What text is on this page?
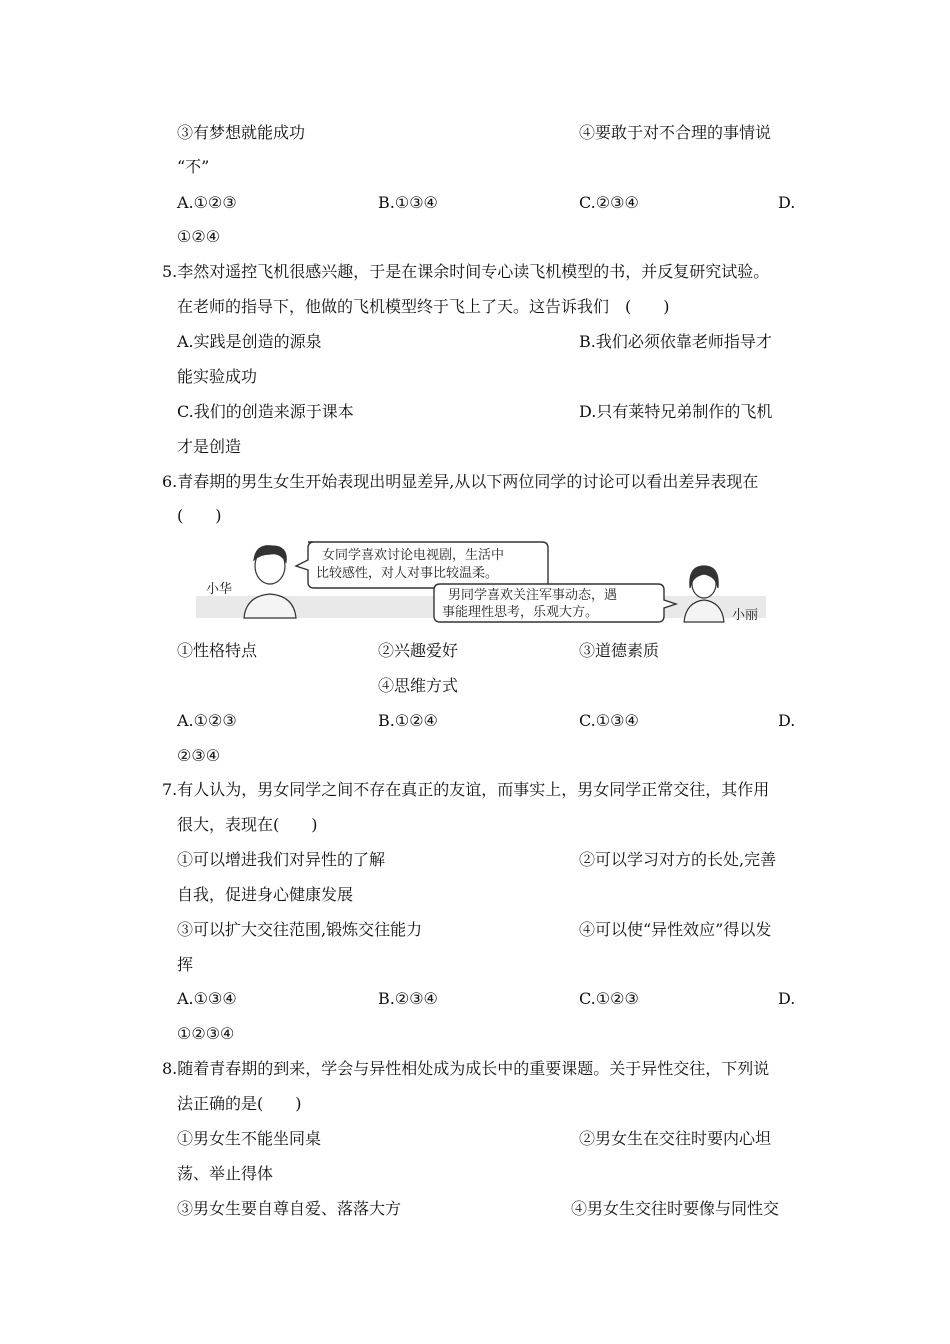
③有梦想就能成功	④要敢于对不合理的事情说
“不”
A.①②③	B.①③④	C.②③④	D.
①②④
5.李然对遥控飞机很感兴趣，于是在课余时间专心读飞机模型的书，并反复研究试验。
在老师的指导下，他做的飞机模型终于飞上了天。这告诉我们　(　　)
A.实践是创造的源泉	B.我们必须依靠老师指导才
能实验成功
C.我们的创造来源于课本	D.只有莱特兄弟制作的飞机
才是创造
6.青春期的男生女生开始表现出明显差异,从以下两位同学的讨论可以看出差异表现在
(　　)
女同学喜欢讨论电视剧，生活中
比较感性，对人对事比较温柔。
男同学喜欢关注军事动态，遇
事能理性思考，乐观大方。
小华
小丽
①性格特点	②兴趣爱好	③道德素质
④思维方式
A.①②③	B.①②④	C.①③④	D.
②③④
7.有人认为，男女同学之间不存在真正的友谊，而事实上，男女同学正常交往，其作用
很大，表现在(　　)
①可以增进我们对异性的了解	②可以学习对方的长处,完善
自我，促进身心健康发展
③可以扩大交往范围,锻炼交往能力	④可以使“异性效应”得以发
挥
A.①③④	B.②③④	C.①②③	D.
①②③④
8.随着青春期的到来，学会与异性相处成为成长中的重要课题。关于异性交往，下列说
法正确的是(　　)
①男女生不能坐同桌	②男女生在交往时要内心坦
荡、举止得体
③男女生要自尊自爱、落落大方	④男女生交往时要像与同性交
